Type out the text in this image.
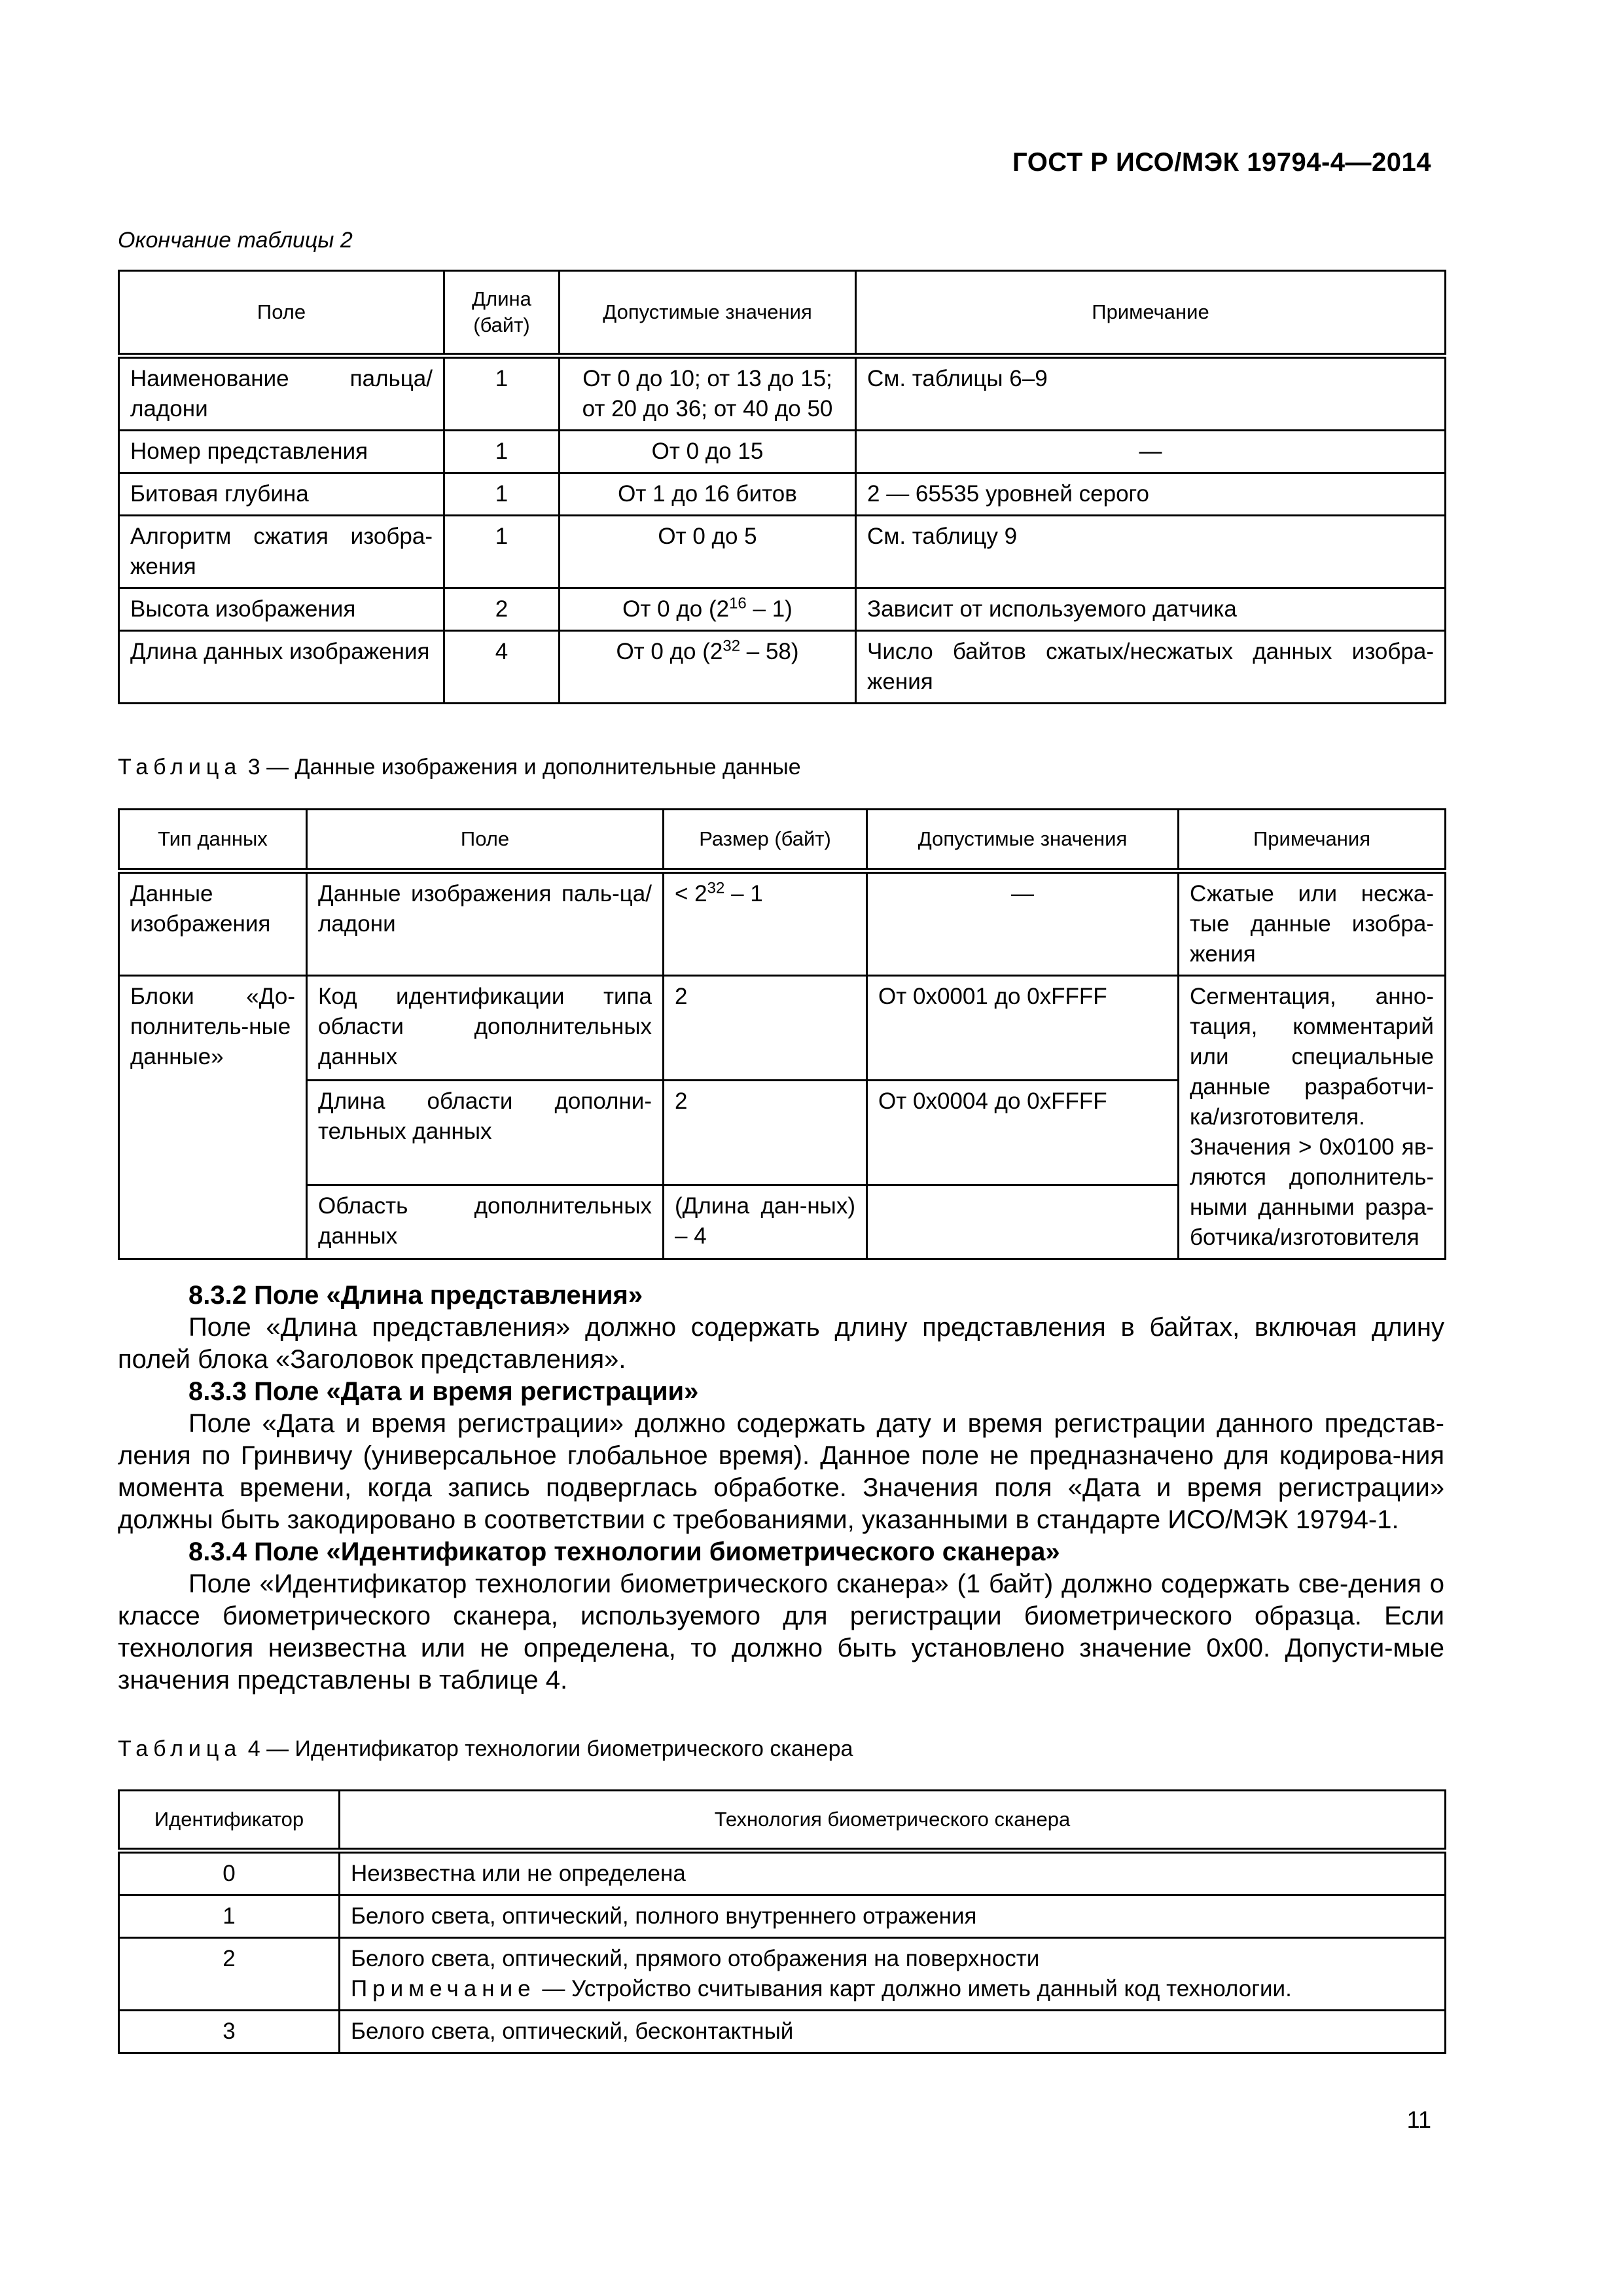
ГОСТ Р ИСО/МЭК 19794-4—2014
Окончание таблицы 2
Поле	Длина (байт)	Допустимые значения	Примечание
Наименование пальца/ ладони	1	От 0 до 10; от 13 до 15; от 20 до 36; от 40 до 50	См. таблицы 6–9
Номер представления	1	От 0 до 15	—
Битовая глубина	1	От 1 до 16 битов	2 — 65535 уровней серого
Алгоритм сжатия изобра-жения	1	От 0 до 5	См. таблицу 9
Высота изображения	2	От 0 до $(2^{16} - 1)$	Зависит от используемого датчика
Длина данных изображения	4	От 0 до $(2^{32} - 58)$	Число байтов сжатых/несжатых данных изобра-жения
Таблица 3 — Данные изображения и дополнительные данные
Тип данных	Поле	Размер (байт)	Допустимые значения	Примечания
Данные изображения	Данные изображения паль-ца/ладони	< $2^{32} - 1$	—	Сжатые или несжа-тые данные изобра-жения
Блоки «До-полнитель-ные данные»	Код идентификации типа области дополнительных данных	2	От 0x0001 до 0xFFFF	Сегментация, анно-тация, комментарий или специальные данные разработчи-ка/изготовителя. Значения > 0x0100 яв-ляются дополнитель-ными данными разра-ботчика/изготовителя
	Длина области дополни-тельных данных	2	От 0x0004 до 0xFFFF	
	Область дополнительных данных	(Длина дан-ных) – 4		

8.3.2 Поле «Длина представления»

Поле «Длина представления» должно содержать длину представления в байтах, включая длину полей блока «Заголовок представления».

8.3.3 Поле «Дата и время регистрации»

Поле «Дата и время регистрации» должно содержать дату и время регистрации данного представ-ления по Гринвичу (универсальное глобальное время). Данное поле не предназначено для кодирова-ния момента времени, когда запись подверглась обработке. Значения поля «Дата и время регистрации» должны быть закодировано в соответствии с требованиями, указанными в стандарте ИСО/МЭК 19794-1.

8.3.4 Поле «Идентификатор технологии биометрического сканера»

Поле «Идентификатор технологии биометрического сканера» (1 байт) должно содержать све-дения о классе биометрического сканера, используемого для регистрации биометрического образца. Если технология неизвестна или не определена, то должно быть установлено значение 0x00. Допусти-мые значения представлены в таблице 4.

Таблица 4 — Идентификатор технологии биометрического сканера
Идентификатор	Технология биометрического сканера
0	Неизвестна или не определена
1	Белого света, оптический, полного внутреннего отражения
2	Белого света, оптический, прямого отображения на поверхности
Примечание — Устройство считывания карт должно иметь данный код технологии.

3	Белого света, оптический, бесконтактный
11
